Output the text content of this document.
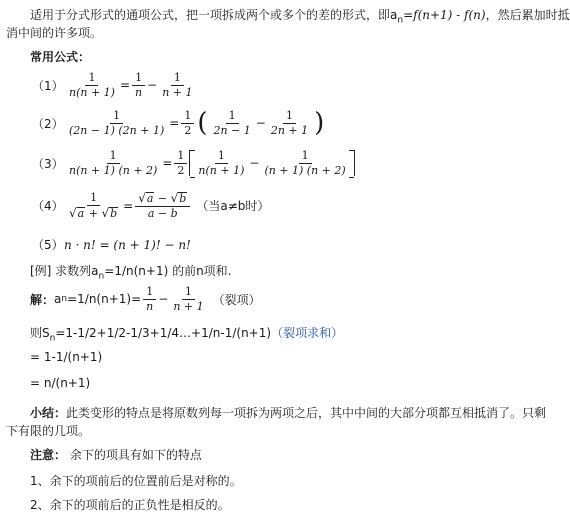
适用于分式形式的通项公式，把一项拆成两个或多个的差的形式，即$a_n=f(n+1) - f(n)$，然后累加时抵
消中间的许多项。
常用公式：
$(1) \frac{1}{n(n + 1)} = \frac{1}{n} - \frac{1}{n + 1}$
$(2) \frac{1}{(2n - 1) (2n + 1)} = \frac{1}{2}$ ( $\frac{1}{2n - 1} - \frac{1}{2n + 1}$ )
$(3) \frac{1}{n(n + 1) (n + 2)} = \frac{1}{2} \frac{1}{n(n + 1)} - \frac{1}{(n + 1) (n + 2)}$
$(4) \frac{1}{√ a + √ b} = \frac{√ a - √ b}{a - b}$ （当a≠b时）
（5） n · n! = (n + 1)! − n!
[例] 求数列$a_n=1/n(n+1)$ 的前n项和.
解： a $n =1/n(n+1)= \frac{1}{n} - \frac{1}{n + 1}$ （裂项）
则$S_n=1-1/2+1/2-1/3+1/4\dots+1/n-1/(n+1)$（裂项求和）
= 1-1/(n+1)
= n/(n+1)
小结：此类变形的特点是将原数列每一项拆为两项之后，其中中间的大部分项都互相抵消了。只剩
下有限的几项。
注意： 余下的项具有如下的特点
1、余下的项前后的位置前后是对称的。
2、余下的项前后的正负性是相反的。
